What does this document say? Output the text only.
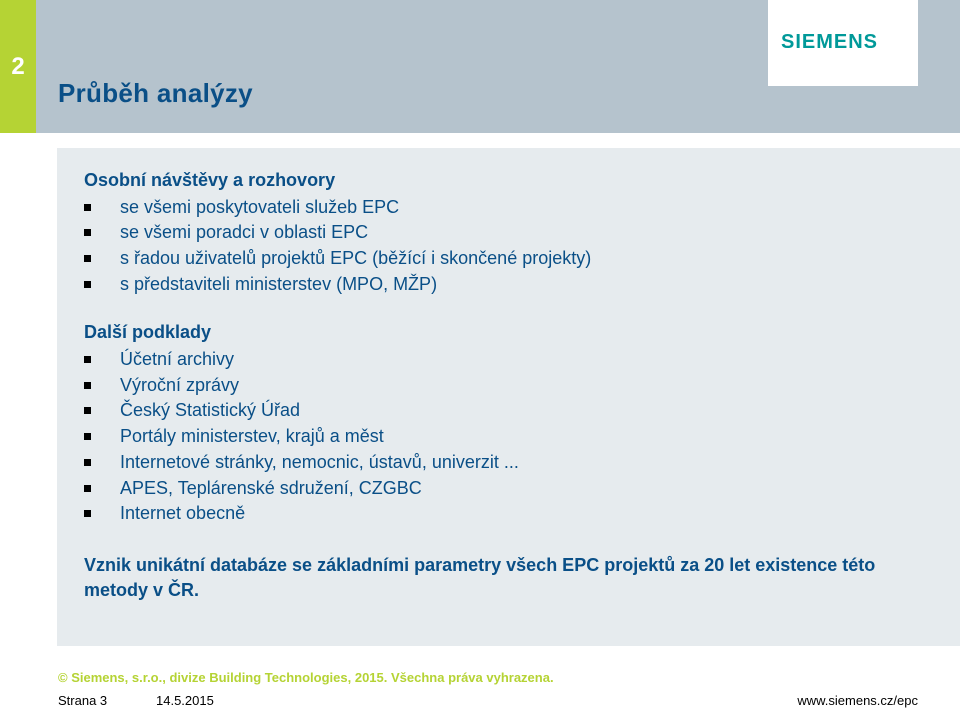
2
Průběh analýzy
SIEMENS
Osobní návštěvy a rozhovory
se všemi poskytovateli služeb EPC
se všemi poradci v oblasti EPC
s řadou uživatelů projektů EPC (běžící i skončené projekty)
s představiteli ministerstev (MPO, MŽP)
Další podklady
Účetní archivy
Výroční zprávy
Český Statistický Úřad
Portály ministerstev, krajů a měst
Internetové stránky, nemocnic, ústavů, univerzit ...
APES, Teplárenské sdružení, CZGBC
Internet obecně
Vznik unikátní databáze se základními parametry všech EPC projektů za 20 let existence této metody v ČR.
© Siemens, s.r.o., divize Building Technologies, 2015. Všechna práva vyhrazena.
Strana 3	14.5.2015	www.siemens.cz/epc
